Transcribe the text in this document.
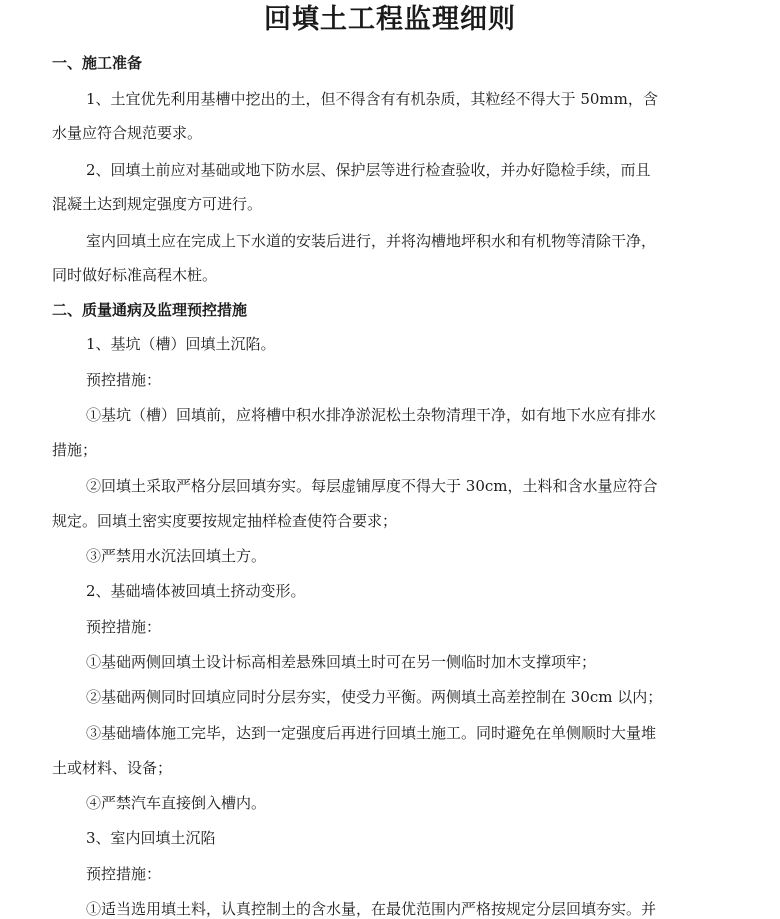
回填土工程监理细则
一、施工准备
1、土宜优先利用基槽中挖出的土，但不得含有有机杂质，其粒经不得大于 50mm，含
水量应符合规范要求。
2、回填土前应对基础或地下防水层、保护层等进行检查验收，并办好隐检手续，而且
混凝土达到规定强度方可进行。
室内回填土应在完成上下水道的安装后进行，并将沟槽地坪积水和有机物等清除干净，
同时做好标准高程木桩。
二、质量通病及监理预控措施
1、基坑（槽）回填土沉陷。
预控措施：
①基坑（槽）回填前，应将槽中积水排净淤泥松土杂物清理干净，如有地下水应有排水
措施；
②回填土采取严格分层回填夯实。每层虚铺厚度不得大于 30cm，土料和含水量应符合
规定。回填土密实度要按规定抽样检查使符合要求；
③严禁用水沉法回填土方。
2、基础墙体被回填土挤动变形。
预控措施：
①基础两侧回填土设计标高相差悬殊回填土时可在另一侧临时加木支撑项牢；
②基础两侧同时回填应同时分层夯实，使受力平衡。两侧填土高差控制在 30cm 以内；
③基础墙体施工完毕，达到一定强度后再进行回填土施工。同时避免在单侧顺时大量堆
土或材料、设备；
④严禁汽车直接倒入槽内。
3、室内回填土沉陷
预控措施：
①适当选用填土料，认真控制土的含水量，在最优范围内严格按规定分层回填夯实。并
